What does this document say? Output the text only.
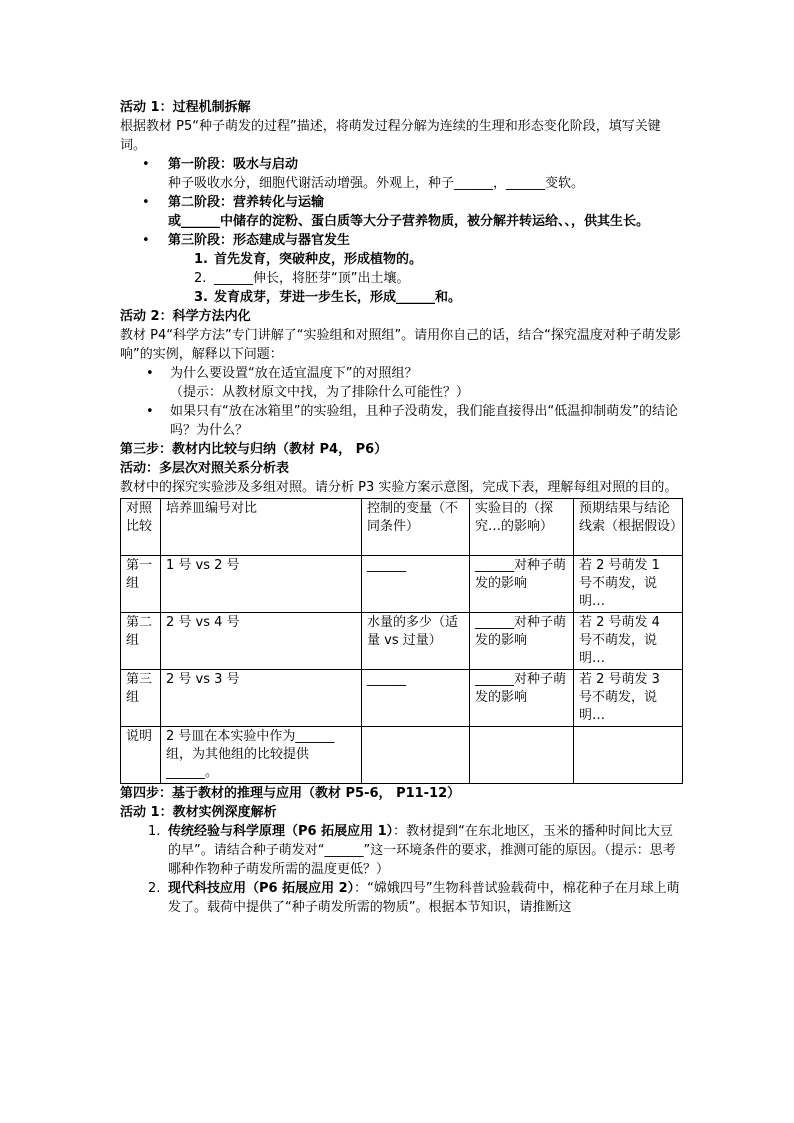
活动 1：过程机制拆解
根据教材 P5“种子萌发的过程”描述，将萌发过程分解为连续的生理和形态变化阶段，填写关键词。
• 第一阶段：吸水与启动
种子吸收水分，细胞代谢活动增强。外观上，种子______，______变软。
• 第二阶段：营养转化与运输
或______中储存的淀粉、蛋白质等大分子营养物质，被分解并转运给、、，供其生长。
• 第三阶段：形态建成与器官发生
1. 首先发育，突破种皮，形成植物的。
2. ______伸长，将胚芽“顶”出土壤。
3. 发育成芽，芽进一步生长，形成______和。
活动 2：科学方法内化
教材 P4“科学方法”专门讲解了“实验组和对照组”。请用你自己的话，结合“探究温度对种子萌发影响”的实例，解释以下问题：
• 为什么要设置“放在适宜温度下”的对照组？
（提示：从教材原文中找，为了排除什么可能性？）
• 如果只有“放在冰箱里”的实验组，且种子没萌发，我们能直接得出“低温抑制萌发”的结论吗？为什么？
第三步：教材内比较与归纳（教材 P4， P6）
活动：多层次对照关系分析表
教材中的探究实验涉及多组对照。请分析 P3 实验方案示意图，完成下表，理解每组对照的目的。
对照比较	培养皿编号对比	控制的变量（不同条件）	实验目的（探究…的影响）	预期结果与结论线索（根据假设）
第一组	1 号 vs 2 号	______	______对种子萌发的影响	若 2 号萌发 1 号不萌发，说明…
第二组	2 号 vs 4 号	水量的多少（适量 vs 过量）	______对种子萌发的影响	若 2 号萌发 4 号不萌发，说明…
第三组	2 号 vs 3 号	______	______对种子萌发的影响	若 2 号萌发 3 号不萌发，说明…
说明	2 号皿在本实验中作为______组，为其他组的比较提供______。			
第四步：基于教材的推理与应用（教材 P5-6， P11-12）
活动 1：教材实例深度解析
1. 传统经验与科学原理（P6 拓展应用 1）：教材提到“在东北地区，玉米的播种时间比大豆的早”。请结合种子萌发对“______”这一环境条件的要求，推测可能的原因。（提示：思考哪种作物种子萌发所需的温度更低？）
2. 现代科技应用（P6 拓展应用 2）：“嫦娥四号”生物科普试验载荷中，棉花种子在月球上萌发了。载荷中提供了“种子萌发所需的物质”。根据本节知识，请推断这
